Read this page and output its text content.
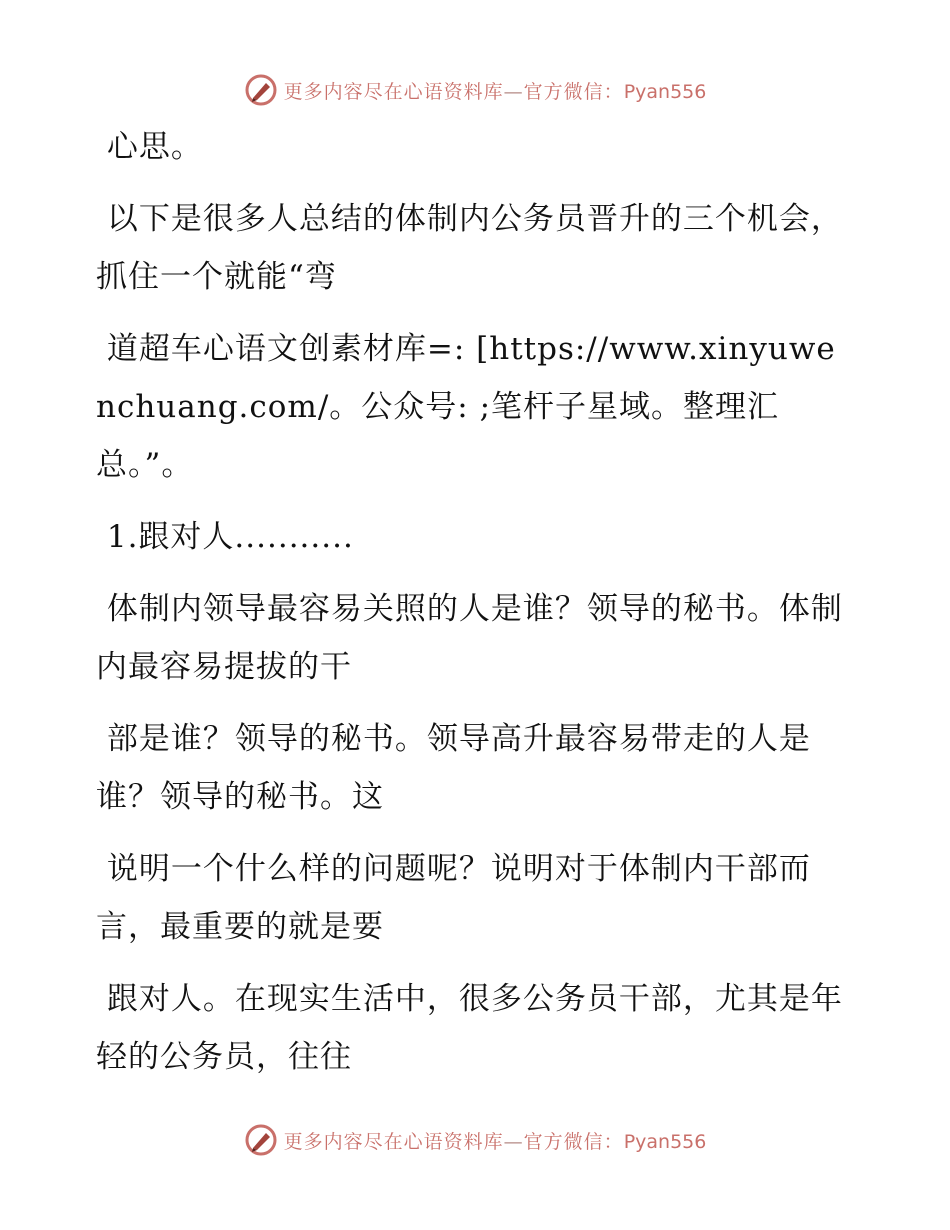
更多内容尽在心语资料库—官方微信：Pyan556

心思。

以下是很多人总结的体制内公务员晋升的三个机会，抓住一个就能“弯

道超车心语文创素材库=: [https://www.xinyuwenchuang.com/。公众号: ;笔杆子星域。整理汇总。”。

1.跟对人...........

体制内领导最容易关照的人是谁？领导的秘书。体制内最容易提拔的干

部是谁？领导的秘书。领导高升最容易带走的人是谁？领导的秘书。这

说明一个什么样的问题呢？说明对于体制内干部而言，最重要的就是要

跟对人。在现实生活中，很多公务员干部，尤其是年轻的公务员，往往

更多内容尽在心语资料库—官方微信：Pyan556
